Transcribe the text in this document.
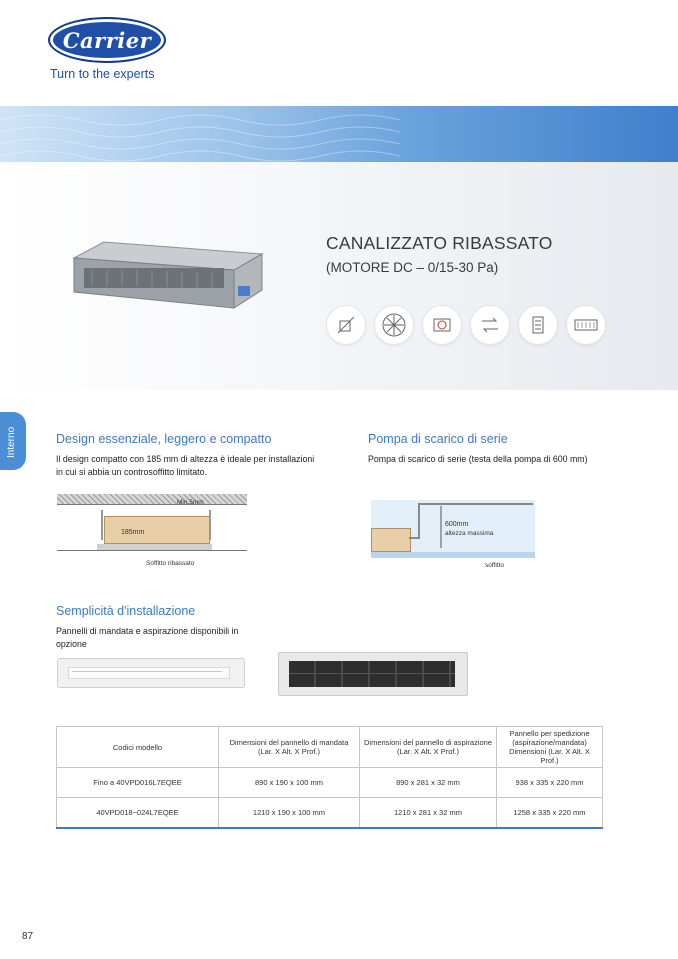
Carrier
Turn to the experts
CANALIZZATO RIBASSATO
(MOTORE DC – 0/15-30 Pa)
Interno	Design essenziale, leggero e compatto
Il design compatto con 185 mm di altezza è ideale per installazioni in cui si abbia un controsoffitto limitato.
Min.5mm
185mm
Soffitto ribassato
Pompa di scarico di serie
Pompa di scarico di serie (testa della pompa di 600 mm)
600mm
altezza massima
soffitto
Semplicità d'installazione
Pannelli di mandata e aspirazione disponibili in opzione
Codici modello	Dimensioni del pannello di mandata (Lar. X Alt. X Prof.)	Dimensioni del pannello di aspirazione (Lar. X Alt. X Prof.)	Pannello per spedizione (aspirazione/mandata) Dimensioni (Lar. X Alt. X Prof.)
Fino a 40VPD016L7EQEE	890 x 190 x 100 mm	890 x 281 x 32 mm	938 x 335 x 220 mm
40VPD018~024L7EQEE	1210 x 190 x 100 mm	1210 x 281 x 32 mm	1258 x 335 x 220 mm
87
